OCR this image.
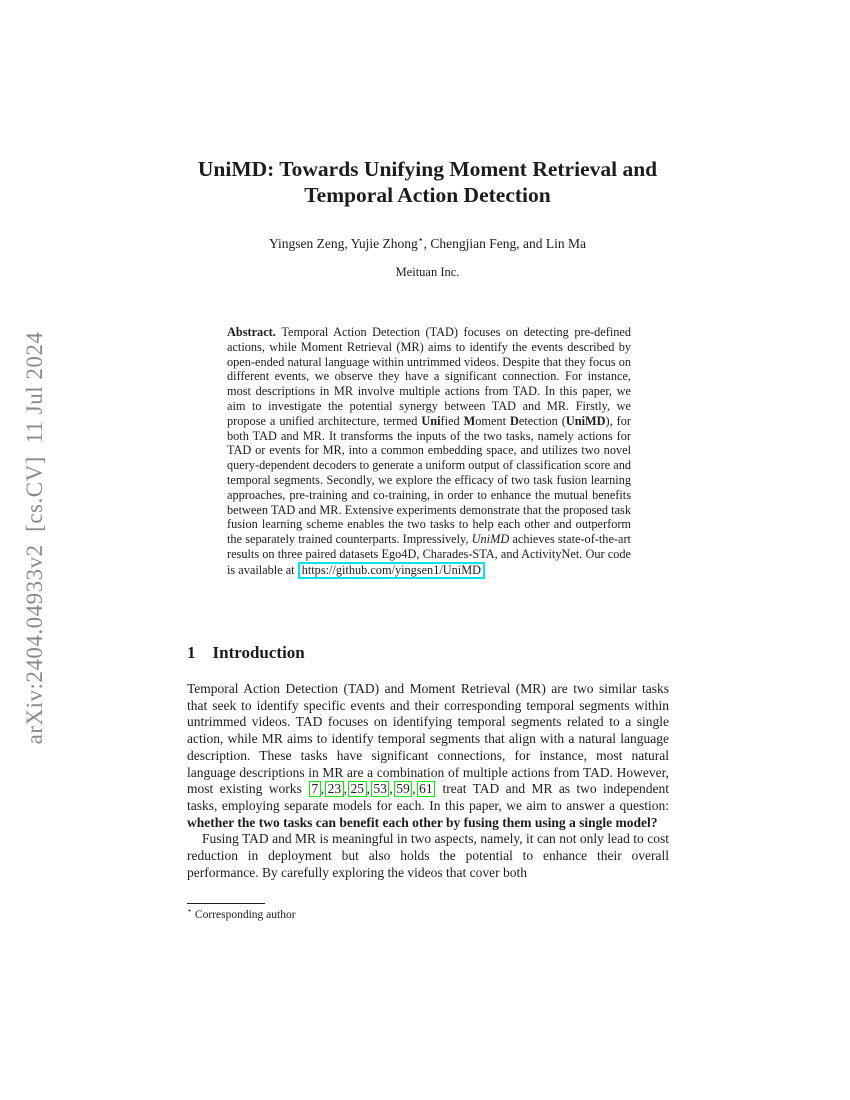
arXiv:2404.04933v2  [cs.CV]  11 Jul 2024
UniMD: Towards Unifying Moment Retrieval and
Temporal Action Detection
Yingsen Zeng, Yujie Zhong⋆, Chengjian Feng, and Lin Ma
Meituan Inc.
Abstract. Temporal Action Detection (TAD) focuses on detecting pre-defined actions, while Moment Retrieval (MR) aims to identify the events described by open-ended natural language within untrimmed videos. Despite that they focus on different events, we observe they have a significant connection. For instance, most descriptions in MR involve multiple actions from TAD. In this paper, we aim to investigate the potential synergy between TAD and MR. Firstly, we propose a unified architecture, termed Unified Moment Detection (UniMD), for both TAD and MR. It transforms the inputs of the two tasks, namely actions for TAD or events for MR, into a common embedding space, and utilizes two novel query-dependent decoders to generate a uniform output of classification score and temporal segments. Secondly, we explore the efficacy of two task fusion learning approaches, pre-training and co-training, in order to enhance the mutual benefits between TAD and MR. Extensive experiments demonstrate that the proposed task fusion learning scheme enables the two tasks to help each other and outperform the separately trained counterparts. Impressively, UniMD achieves state-of-the-art results on three paired datasets Ego4D, Charades-STA, and ActivityNet. Our code is available at https://github.com/yingsen1/UniMD
1 Introduction

Temporal Action Detection (TAD) and Moment Retrieval (MR) are two similar tasks that seek to identify specific events and their corresponding temporal segments within untrimmed videos. TAD focuses on identifying temporal segments related to a single action, while MR aims to identify temporal segments that align with a natural language description. These tasks have significant connections, for instance, most natural language descriptions in MR are a combination of multiple actions from TAD. However, most existing works 7 , 23 , 25 , 53 , 59 , 61 treat TAD and MR as two independent tasks, employing separate models for each. In this paper, we aim to answer a question: whether the two tasks can benefit each other by fusing them using a single model?

Fusing TAD and MR is meaningful in two aspects, namely, it can not only lead to cost reduction in deployment but also holds the potential to enhance their overall performance. By carefully exploring the videos that cover both

⋆ Corresponding author
